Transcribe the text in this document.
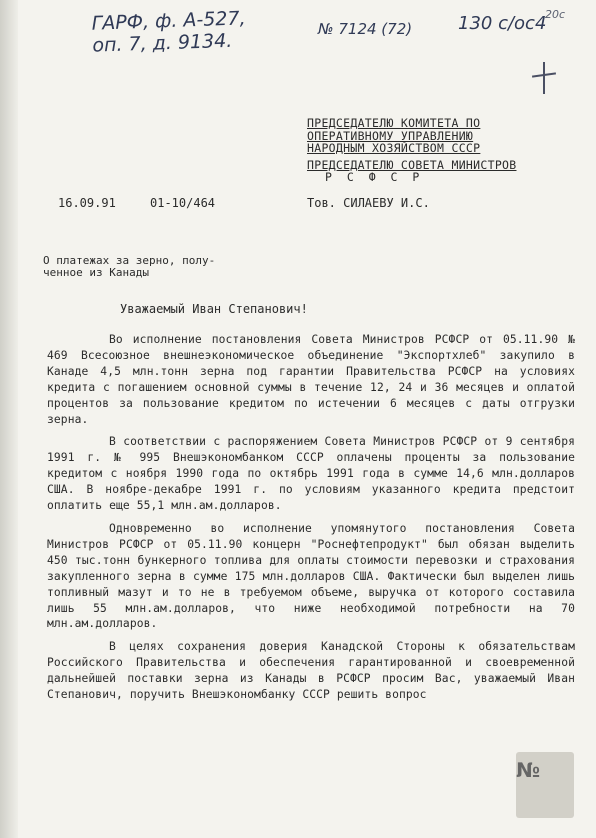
ГАРФ, ф. А-527,
оп. 7, д. 9134.
№ 7124 (72)	130 с/ос4
20с
ПРЕДСЕДАТЕЛЮ КОМИТЕТА ПО
ОПЕРАТИВНОМУ УПРАВЛЕНИЮ
НАРОДНЫМ ХОЗЯЙСТВОМ СССР
ПРЕДСЕДАТЕЛЮ СОВЕТА МИНИСТРОВ
Р С Ф С Р
16.09.91	01-10/464	Тов. СИЛАЕВУ И.С.
О платежах за зерно, полу-
ченное из Канады
Уважаемый Иван Степанович!

Во исполнение постановления Совета Министров РСФСР от 05.11.90 № 469 Всесоюзное внешнеэкономическое объединение "Экспортхлеб" закупило в Канаде 4,5 млн.тонн зерна под гарантии Правительства РСФСР на условиях кредита с погашением основной суммы в течение 12, 24 и 36 месяцев и оплатой процентов за пользование кредитом по истечении 6 месяцев с даты отгрузки зерна.

В соответствии с распоряжением Совета Министров РСФСР от 9 сентября 1991 г. № 995 Внешэкономбанком СССР оплачены проценты за пользование кредитом с ноября 1990 года по октябрь 1991 года в сумме 14,6 млн.долларов США. В ноябре-декабре 1991 г. по условиям указанного кредита предстоит оплатить еще 55,1 млн.ам.долларов.

Одновременно во исполнение упомянутого постановления Совета Министров РСФСР от 05.11.90 концерн "Роснефтепродукт" был обязан выделить 450 тыс.тонн бункерного топлива для оплаты стоимости перевозки и страхования закупленного зерна в сумме 175 млн.долларов США. Фактически был выделен лишь топливный мазут и то не в требуемом объеме, выручка от которого составила лишь 55 млн.ам.долларов, что ниже необходимой потребности на 70 млн.ам.долларов.

В целях сохранения доверия Канадской Стороны к обязательствам Российского Правительства и обеспечения гарантированной и своевременной дальнейшей поставки зерна из Канады в РСФСР просим Вас, уважаемый Иван Степанович, поручить Внешэкономбанку СССР решить вопрос

№
